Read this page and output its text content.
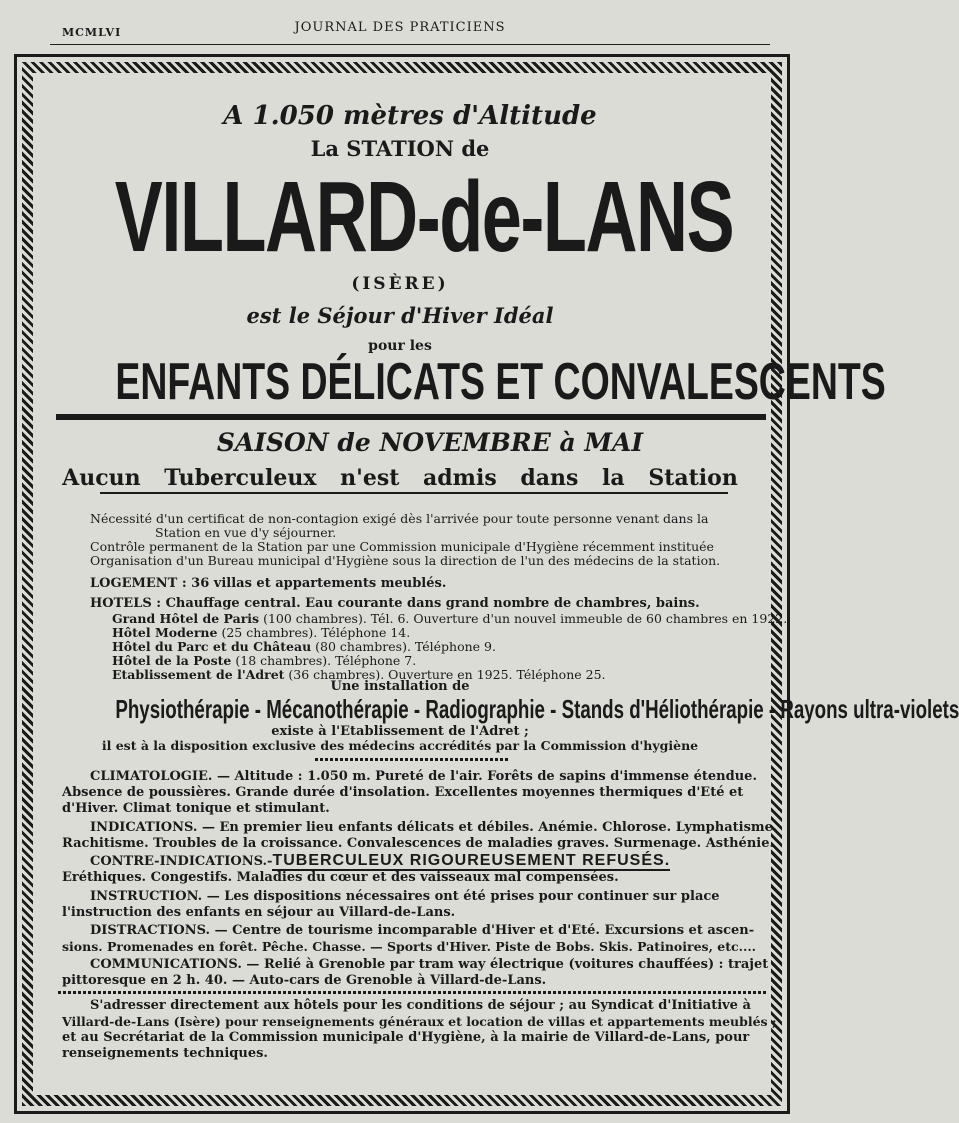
MCMLVI	JOURNAL DES PRATICIENS
A 1.050 mètres d'Altitude
La STATION de
VILLARD-de-LANS
(ISÈRE)
est le Séjour d'Hiver Idéal
pour les
ENFANTS DÉLICATS ET CONVALESCENTS
SAISON de NOVEMBRE à MAI
Aucun Tuberculeux n'est admis dans la Station
Nécessité d'un certificat de non-contagion exigé dès l'arrivée pour toute personne venant dans la
Station en vue d'y séjourner.
Contrôle permanent de la Station par une Commission municipale d'Hygiène récemment instituée
Organisation d'un Bureau municipal d'Hygiène sous la direction de l'un des médecins de la station.
LOGEMENT : 36 villas et appartements meublés.
HOTELS : Chauffage central. Eau courante dans grand nombre de chambres, bains.
Grand Hôtel de Paris (100 chambres). Tél. 6. Ouverture d'un nouvel immeuble de 60 chambres en 1922.
Hôtel Moderne (25 chambres). Téléphone 14.
Hôtel du Parc et du Château (80 chambres). Téléphone 9.
Hôtel de la Poste (18 chambres). Téléphone 7.
Etablissement de l'Adret (36 chambres). Ouverture en 1925. Téléphone 25.
Une installation de
Physiothérapie - Mécanothérapie - Radiographie - Stands d'Héliothérapie - Rayons ultra-violets
existe à l'Etablissement de l'Adret ;
il est à la disposition exclusive des médecins accrédités par la Commission d'hygiène
CLIMATOLOGIE. — Altitude : 1.050 m. Pureté de l'air. Forêts de sapins d'immense étendue.
Absence de poussières. Grande durée d'insolation. Excellentes moyennes thermiques d'Eté et
d'Hiver. Climat tonique et stimulant.
INDICATIONS. — En premier lieu enfants délicats et débiles. Anémie. Chlorose. Lymphatisme.
Rachitisme. Troubles de la croissance. Convalescences de maladies graves. Surmenage. Asthénie.
CONTRE-INDICATIONS.-TUBERCULEUX RIGOUREUSEMENT REFUSÉS.
Eréthiques. Congestifs. Maladies du cœur et des vaisseaux mal compensées.
INSTRUCTION. — Les dispositions nécessaires ont été prises pour continuer sur place
l'instruction des enfants en séjour au Villard-de-Lans.
DISTRACTIONS. — Centre de tourisme incomparable d'Hiver et d'Eté. Excursions et ascen-
sions. Promenades en forêt. Pêche. Chasse. — Sports d'Hiver. Piste de Bobs. Skis. Patinoires, etc....
COMMUNICATIONS. — Relié à Grenoble par tram way électrique (voitures chauffées) : trajet
pittoresque en 2 h. 40. — Auto-cars de Grenoble à Villard-de-Lans.
S'adresser directement aux hôtels pour les conditions de séjour ; au Syndicat d'Initiative à
Villard-de-Lans (Isère) pour renseignements généraux et location de villas et appartements meublés ;
et au Secrétariat de la Commission municipale d'Hygiène, à la mairie de Villard-de-Lans, pour
renseignements techniques.
